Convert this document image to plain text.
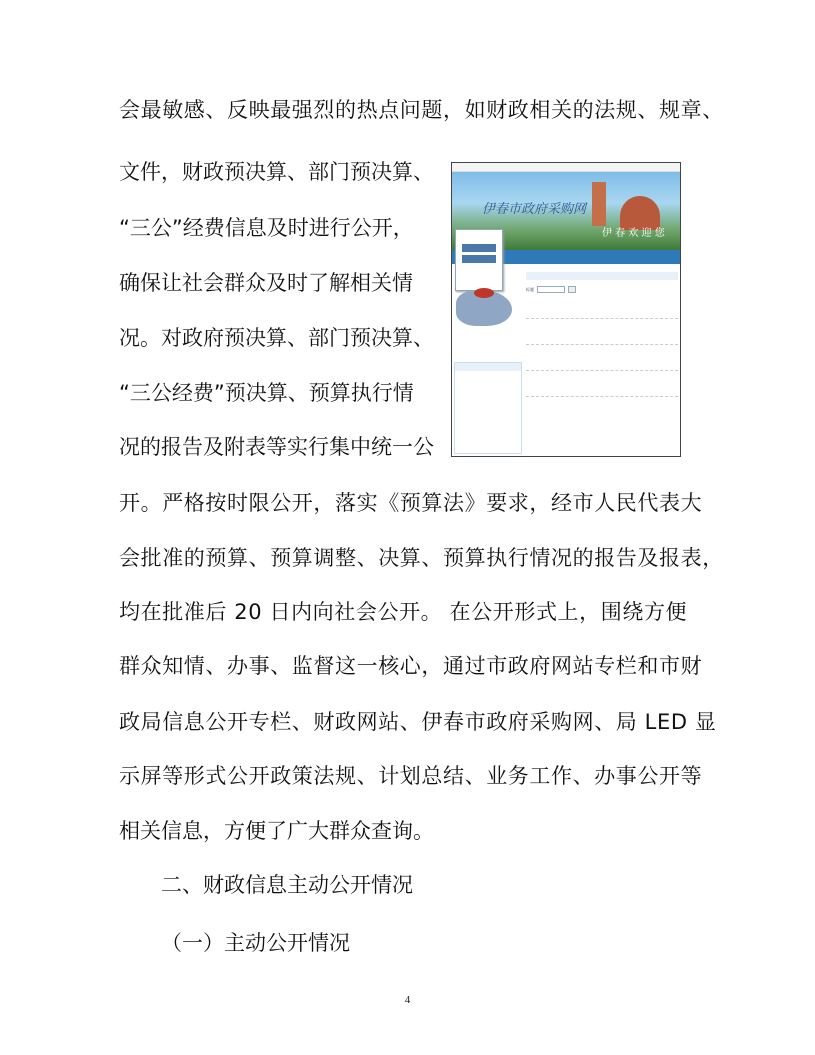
会最敏感、反映最强烈的热点问题，如财政相关的法规、规章、
文件，财政预决算、部门预决算、
“三公”经费信息及时进行公开，
确保让社会群众及时了解相关情
况。对政府预决算、部门预决算、
“三公经费”预决算、预算执行情
况的报告及附表等实行集中统一公
开。严格按时限公开，落实《预算法》要求，经市人民代表大
会批准的预算、预算调整、决算、预算执行情况的报告及报表，
均在批准后 20 日内向社会公开。 在公开形式上，围绕方便
群众知情、办事、监督这一核心，通过市政府网站专栏和市财
政局信息公开专栏、财政网站、伊春市政府采购网、局 LED 显
示屏等形式公开政策法规、计划总结、业务工作、办事公开等
相关信息，方便了广大群众查询。
二、财政信息主动公开情况
（一）主动公开情况
伊春市政府采购网
伊 春 欢 迎 您
标题
4
